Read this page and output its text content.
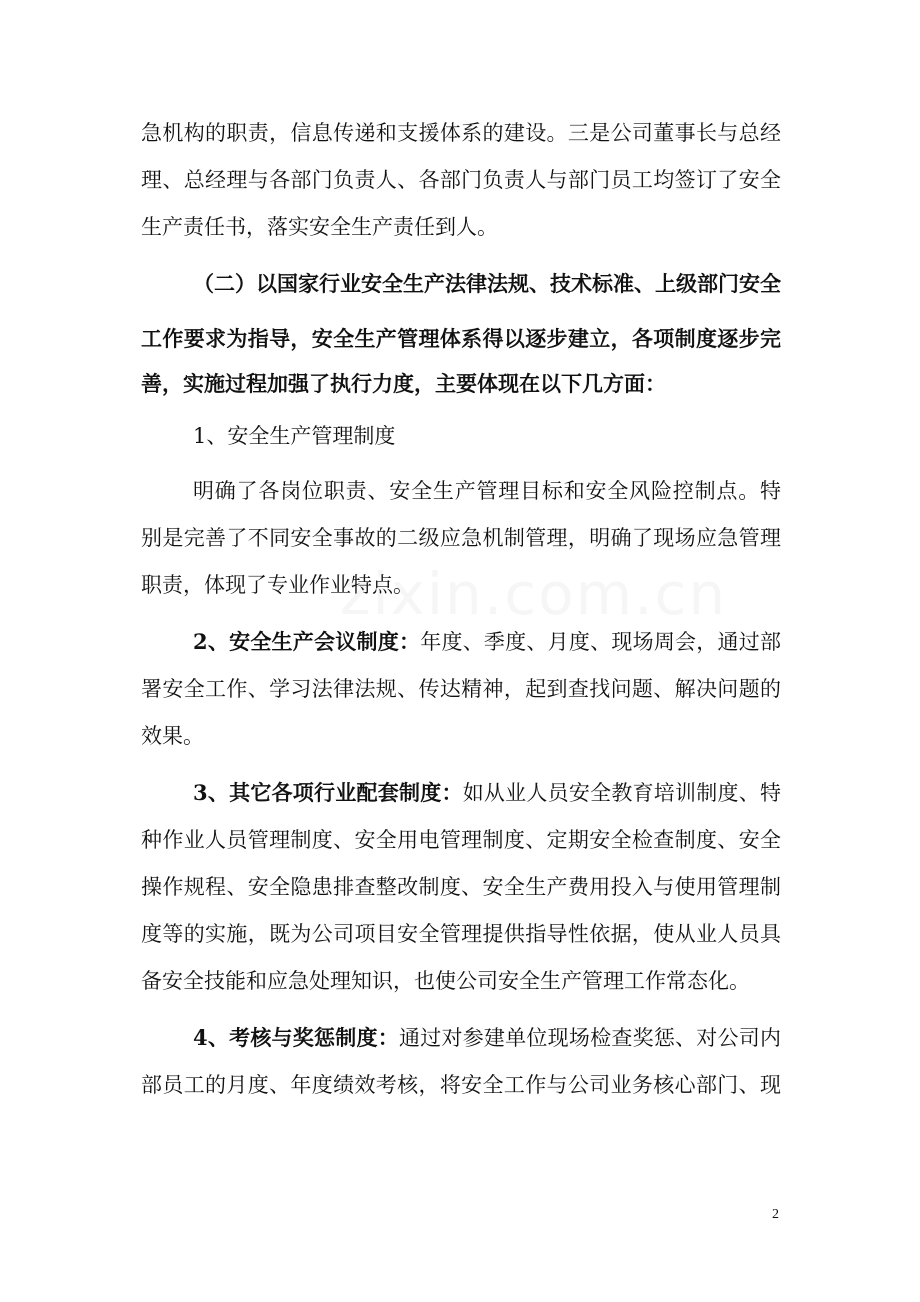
zixin.com.cn
急机构的职责，信息传递和支援体系的建设。三是公司董事长与总经
理、总经理与各部门负责人、各部门负责人与部门员工均签订了安全
生产责任书，落实安全生产责任到人。
（二）以国家行业安全生产法律法规、技术标准、上级部门安全
工作要求为指导，安全生产管理体系得以逐步建立，各项制度逐步完
善，实施过程加强了执行力度，主要体现在以下几方面：
1、安全生产管理制度
明确了各岗位职责、安全生产管理目标和安全风险控制点。特
别是完善了不同安全事故的二级应急机制管理，明确了现场应急管理
职责，体现了专业作业特点。
2、安全生产会议制度：年度、季度、月度、现场周会，通过部
署安全工作、学习法律法规、传达精神，起到查找问题、解决问题的
效果。
3、其它各项行业配套制度：如从业人员安全教育培训制度、特
种作业人员管理制度、安全用电管理制度、定期安全检查制度、安全
操作规程、安全隐患排查整改制度、安全生产费用投入与使用管理制
度等的实施，既为公司项目安全管理提供指导性依据，使从业人员具
备安全技能和应急处理知识，也使公司安全生产管理工作常态化。
4、考核与奖惩制度：通过对参建单位现场检查奖惩、对公司内
部员工的月度、年度绩效考核，将安全工作与公司业务核心部门、现
2
